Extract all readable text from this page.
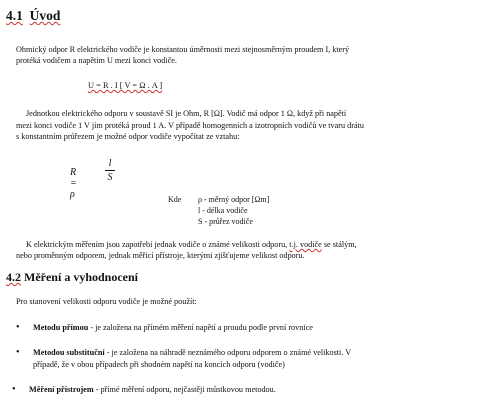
4.1 Úvod
Ohmický odpor R elektrického vodiče je konstantou úměrnosti mezi stejnosměrným proudem I, který
protéká vodičem a napětím U mezi konci vodiče.
U = R . I [ V = Ω . A ]
Jednotkou elektrického odporu v soustavě SI je Ohm, R [Ω]. Vodič má odpor 1 Ω, když při napětí
mezi konci vodiče 1 V jím protéká proud 1 A. V případě homogenních a izotropních vodičů ve tvaru drátu
s konstantním průřezem je možné odpor vodiče vypočítat ze vztahu:
R = ρ
l
S
Kde ρ - měrný odpor [Ωm]
l - délka vodiče
S - průřez vodiče
K elektrickým měřením jsou zapotřebí jednak vodiče o známé velikosti odporu, t.j. vodiče se stálým,
nebo proměnným odporem, jednak měřicí přístroje, kterými zjišťujeme velikost odporu.
4.2 Měření a vyhodnocení
Pro stanovení velikosti odporu vodiče je možné použít:
• Metodu přímou - je založena na přímém měření napětí a proudu podle první rovnice
• Metodou substituční - je založena na náhradě neznámého odporu odporem o známé velikosti. V
případě, že v obou případech při shodném napětí na koncích odporu (vodiče)
• Měření přístrojem - přímé měření odporu, nejčastěji můstkovou metodou.
